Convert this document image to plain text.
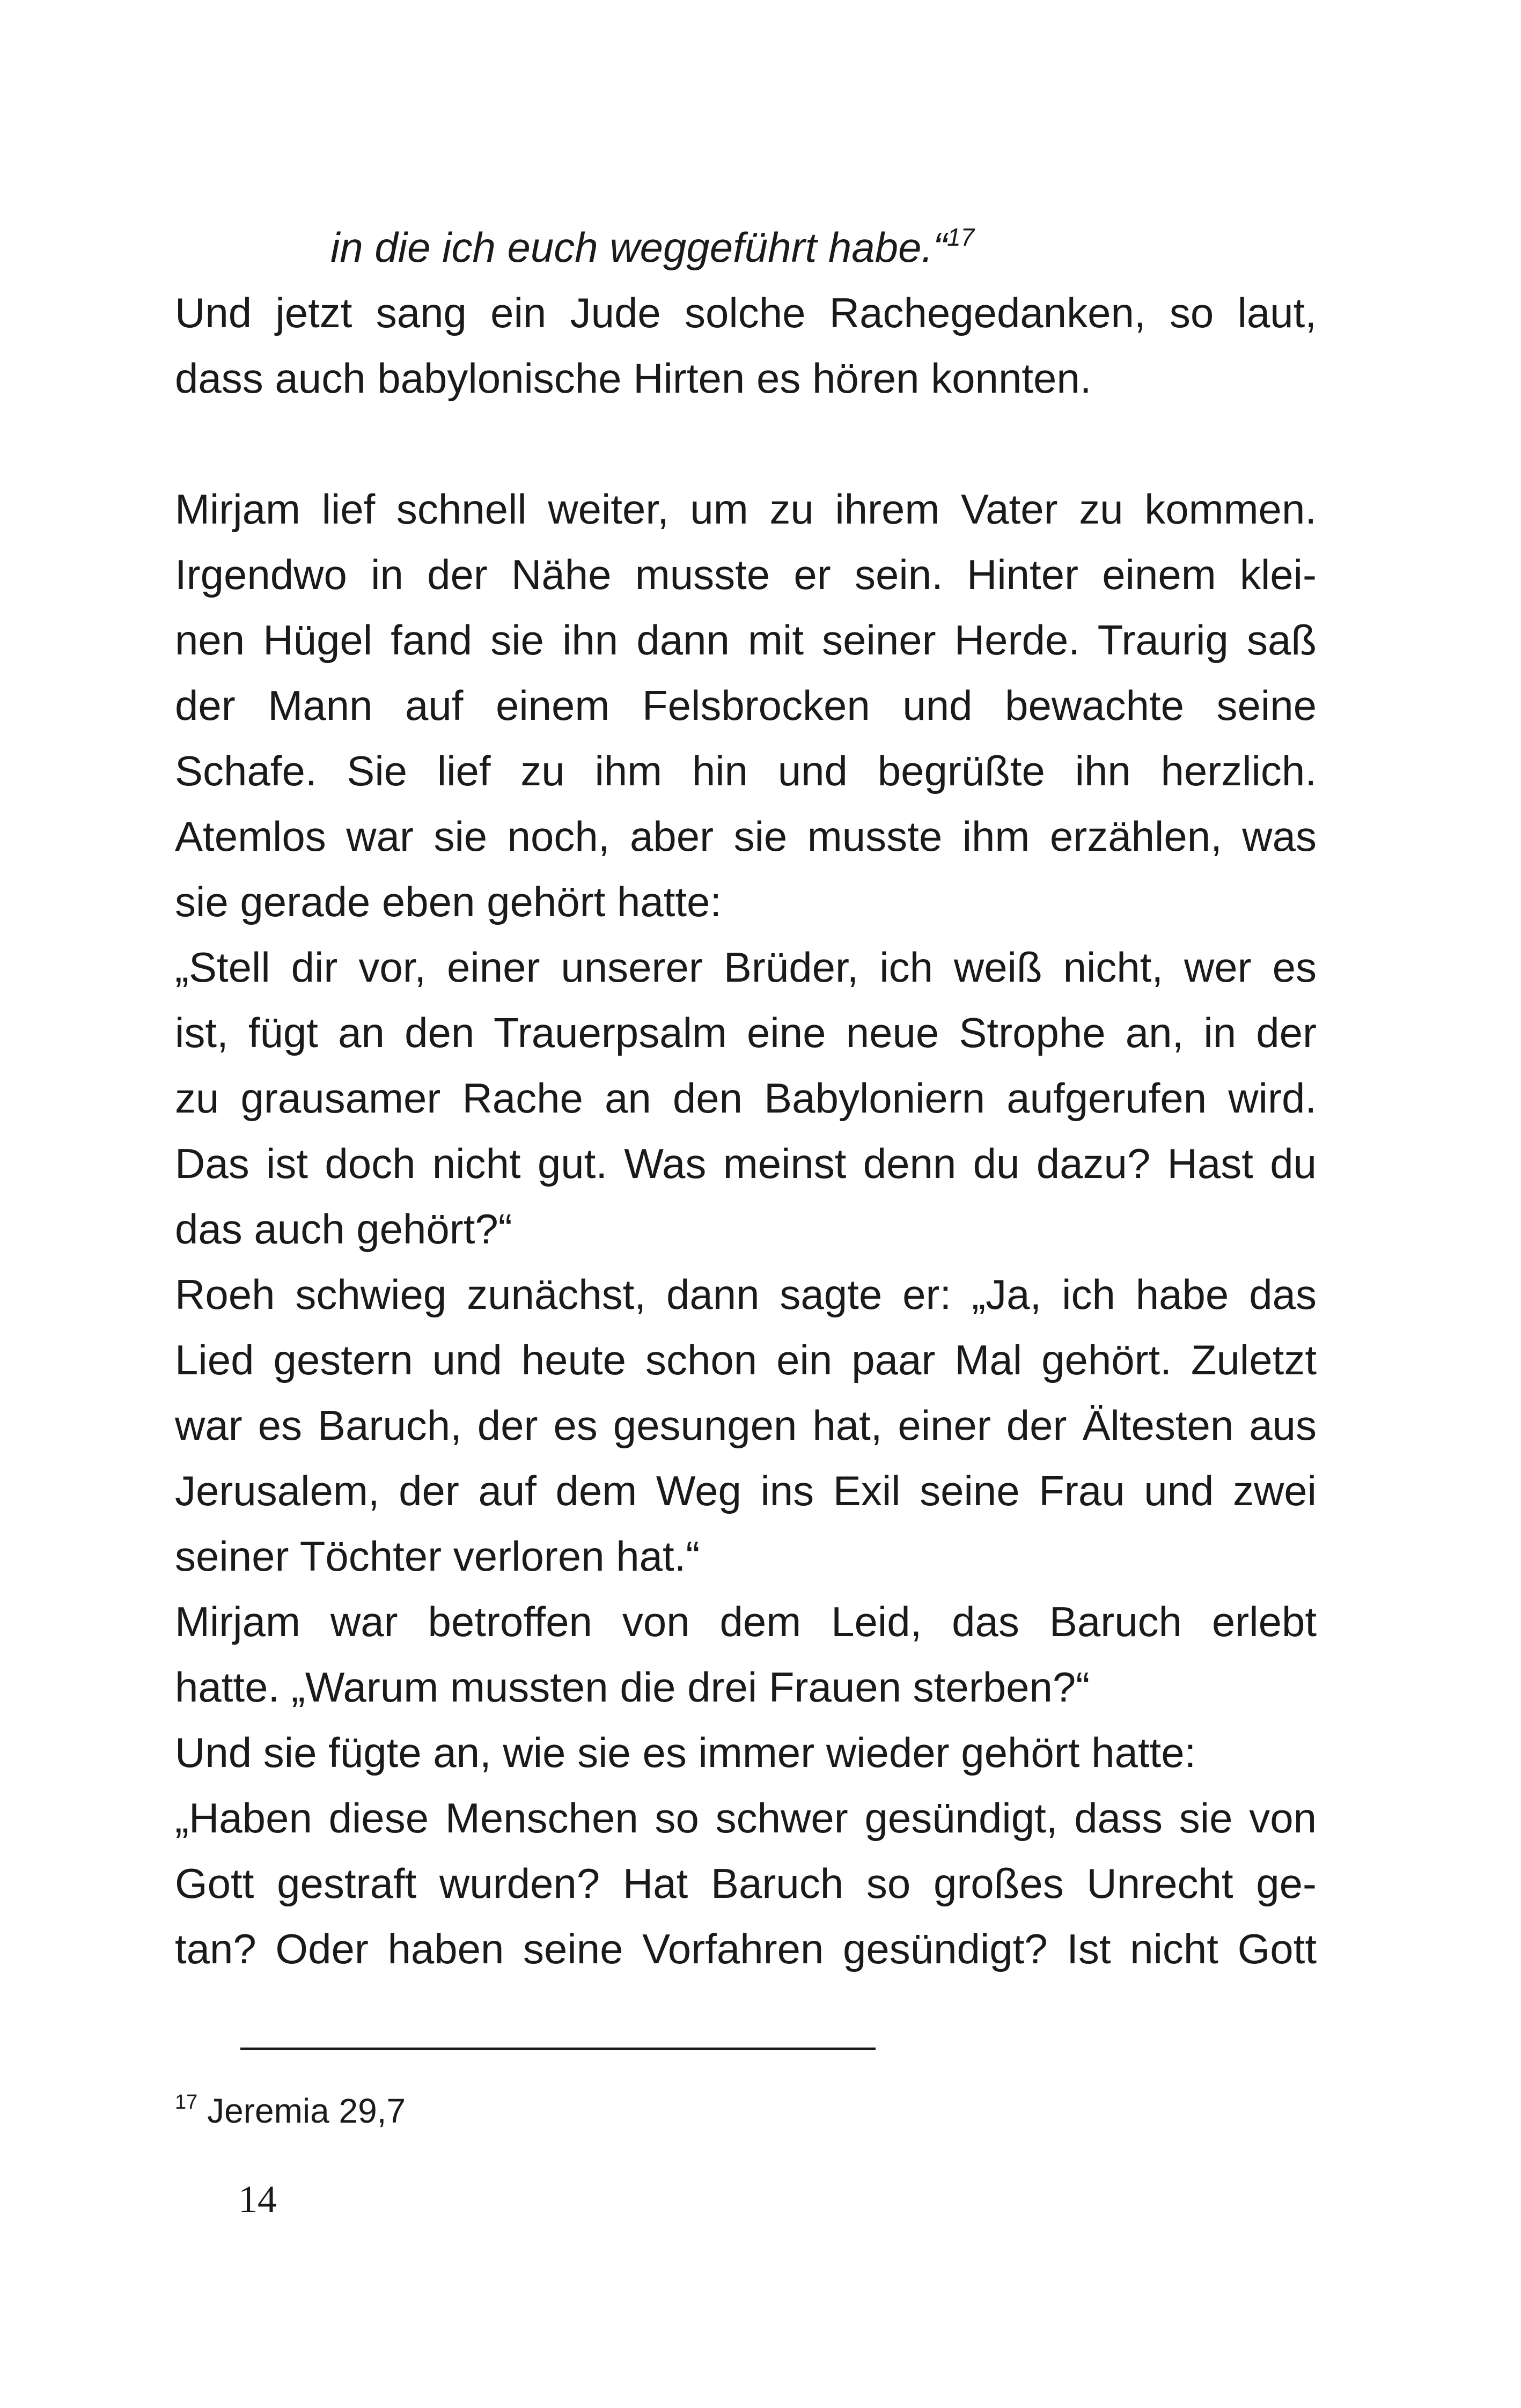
in die ich euch weggeführt habe.“$^{17}$
Und jetzt sang ein Jude solche Rachegedanken, so laut,
dass auch babylonische Hirten es hören konnten.
Mirjam lief schnell weiter, um zu ihrem Vater zu kommen.
Irgendwo in der Nähe musste er sein. Hinter einem klei-
nen Hügel fand sie ihn dann mit seiner Herde. Traurig saß
der Mann auf einem Felsbrocken und bewachte seine
Schafe. Sie lief zu ihm hin und begrüßte ihn herzlich.
Atemlos war sie noch, aber sie musste ihm erzählen, was
sie gerade eben gehört hatte:
„Stell dir vor, einer unserer Brüder, ich weiß nicht, wer es
ist, fügt an den Trauerpsalm eine neue Strophe an, in der
zu grausamer Rache an den Babyloniern aufgerufen wird.
Das ist doch nicht gut. Was meinst denn du dazu? Hast du
das auch gehört?“
Roeh schwieg zunächst, dann sagte er: „Ja, ich habe das
Lied gestern und heute schon ein paar Mal gehört. Zuletzt
war es Baruch, der es gesungen hat, einer der Ältesten aus
Jerusalem, der auf dem Weg ins Exil seine Frau und zwei
seiner Töchter verloren hat.“
Mirjam war betroffen von dem Leid, das Baruch erlebt
hatte. „Warum mussten die drei Frauen sterben?“
Und sie fügte an, wie sie es immer wieder gehört hatte:
„Haben diese Menschen so schwer gesündigt, dass sie von
Gott gestraft wurden? Hat Baruch so großes Unrecht ge-
tan? Oder haben seine Vorfahren gesündigt? Ist nicht Gott
$^{17}$ Jeremia 29,7
14
